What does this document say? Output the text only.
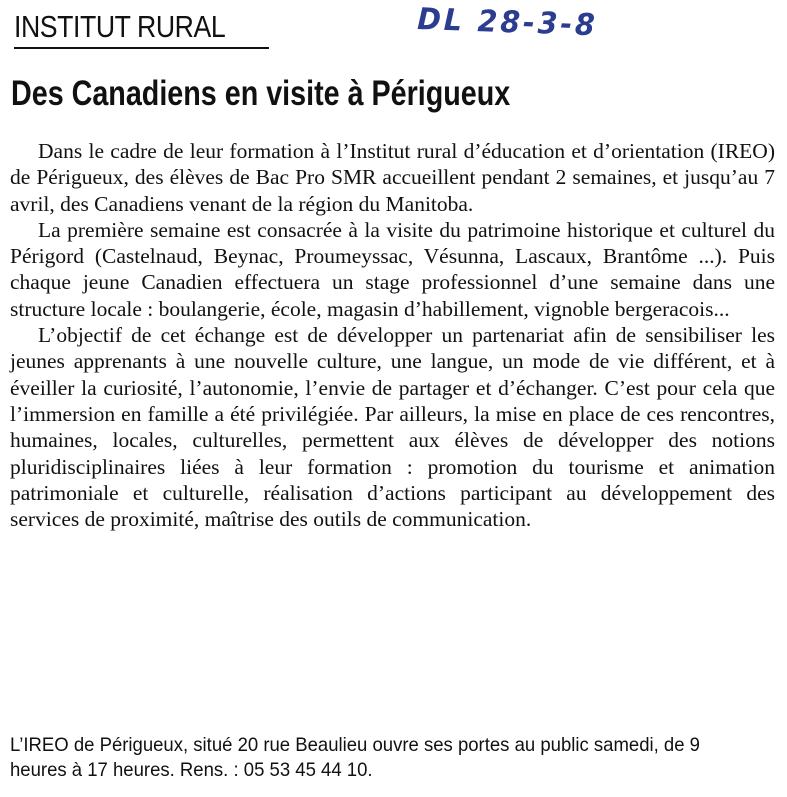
INSTITUT RURAL	DL 28-3-8
Des Canadiens en visite à Périgueux

Dans le cadre de leur formation à l’Institut rural d’éducation et d’orientation (IREO) de Périgueux, des élèves de Bac Pro SMR accueillent pendant 2 semaines, et jusqu’au 7 avril, des Canadiens venant de la région du Manitoba.

La première semaine est consacrée à la visite du patrimoine historique et culturel du Périgord (Castelnaud, Beynac, Proumeyssac, Vésunna, Lascaux, Brantôme ...). Puis chaque jeune Canadien effectuera un stage professionnel d’une semaine dans une structure locale : boulangerie, école, magasin d’habillement, vignoble bergeracois...

L’objectif de cet échange est de développer un partenariat afin de sensibiliser les jeunes apprenants à une nouvelle culture, une langue, un mode de vie différent, et à éveiller la curiosité, l’autonomie, l’envie de partager et d’échanger. C’est pour cela que l’immersion en famille a été privilégiée. Par ailleurs, la mise en place de ces rencontres, humaines, locales, culturelles, permettent aux élèves de développer des notions pluridisciplinaires liées à leur formation : promotion du tourisme et animation patrimoniale et culturelle, réalisation d’actions participant au développement des services de proximité, maîtrise des outils de communication.

L’IREO de Périgueux, situé 20 rue Beaulieu ouvre ses portes au public samedi, de 9 heures à 17 heures. Rens. : 05 53 45 44 10.
